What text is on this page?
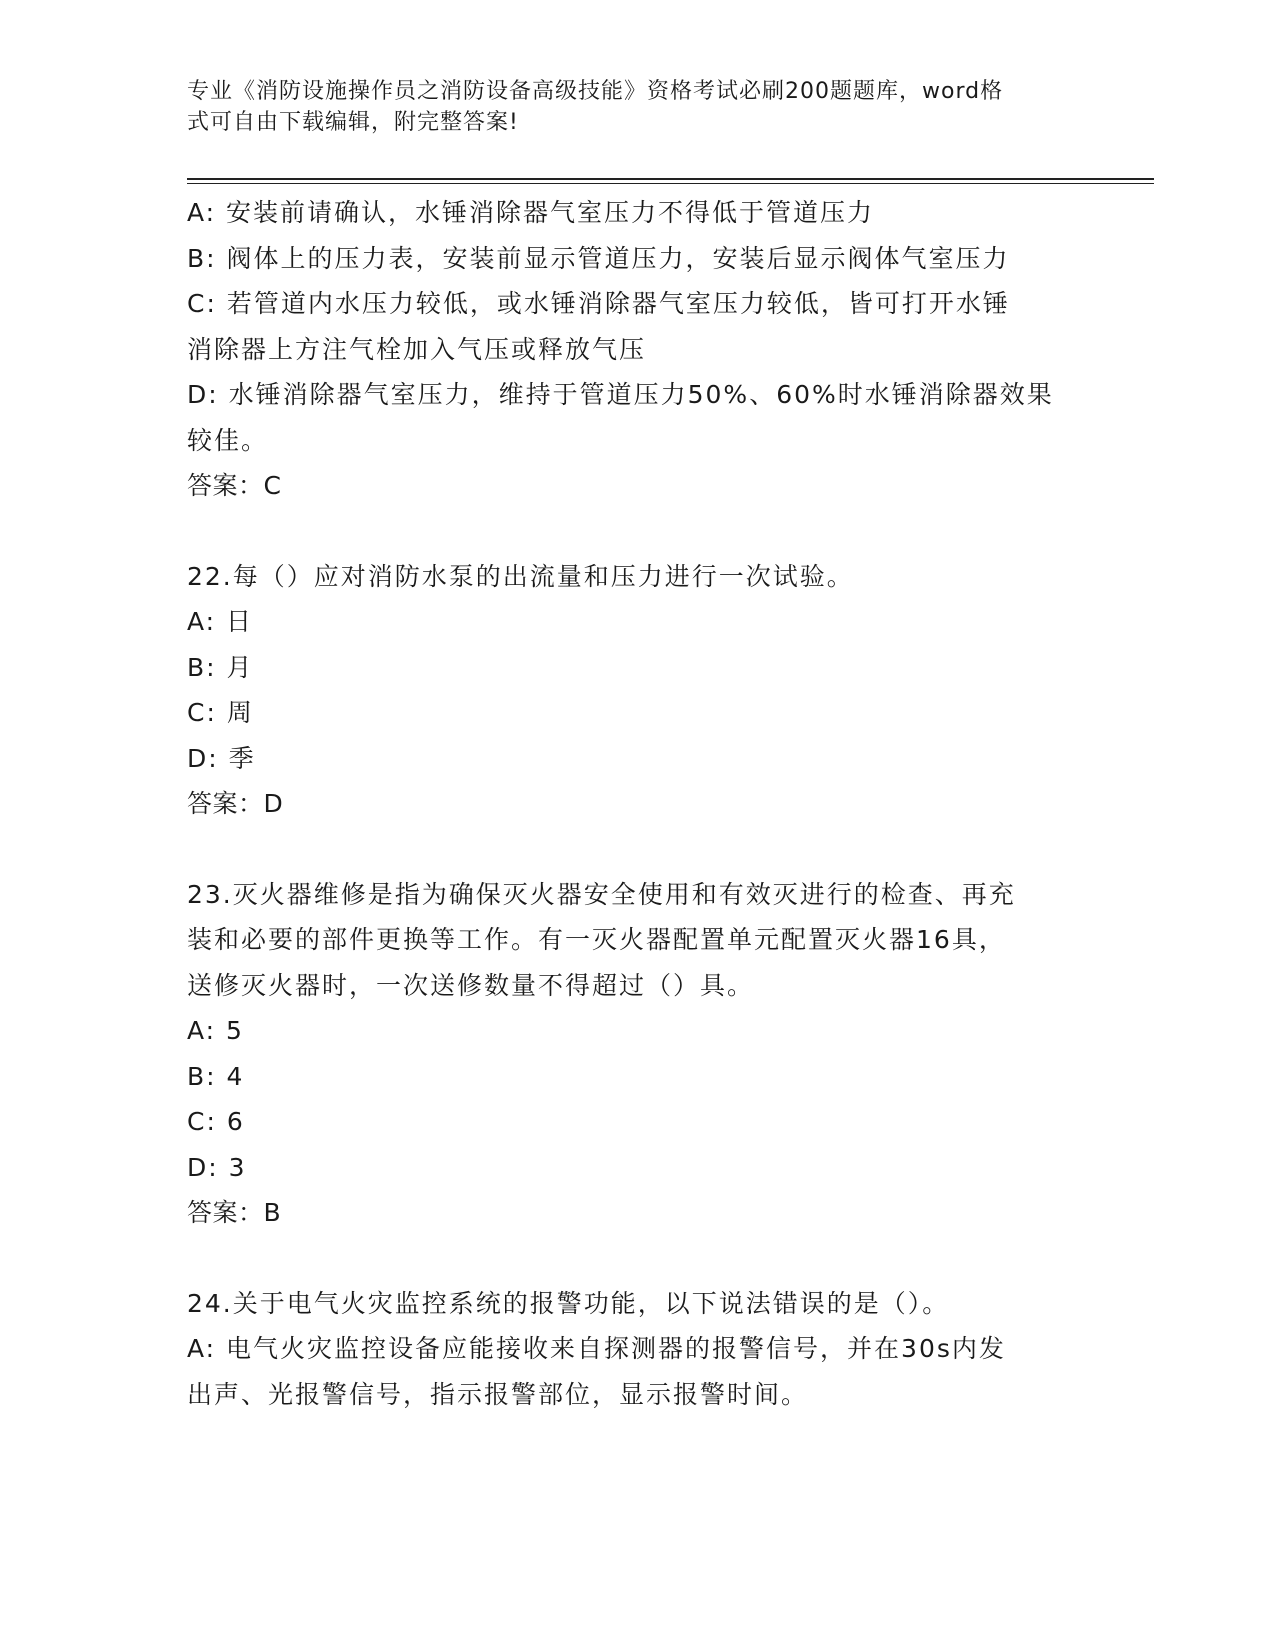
专业《消防设施操作员之消防设备高级技能》资格考试必刷200题题库，word格
式可自由下载编辑，附完整答案!
A: 安装前请确认，水锤消除器气室压力不得低于管道压力
B: 阀体上的压力表，安装前显示管道压力，安装后显示阀体气室压力
C: 若管道内水压力较低，或水锤消除器气室压力较低，皆可打开水锤
消除器上方注气栓加入气压或释放气压
D: 水锤消除器气室压力，维持于管道压力50%、60%时水锤消除器效果
较佳。
答案：C
22.每（）应对消防水泵的出流量和压力进行一次试验。
A: 日
B: 月
C: 周
D: 季
答案：D
23.灭火器维修是指为确保灭火器安全使用和有效灭进行的检查、再充
装和必要的部件更换等工作。有一灭火器配置单元配置灭火器16具，
送修灭火器时，一次送修数量不得超过（）具。
A: 5
B: 4
C: 6
D: 3
答案：B
24.关于电气火灾监控系统的报警功能，以下说法错误的是（）。
A: 电气火灾监控设备应能接收来自探测器的报警信号，并在30s内发
出声、光报警信号，指示报警部位，显示报警时间。
